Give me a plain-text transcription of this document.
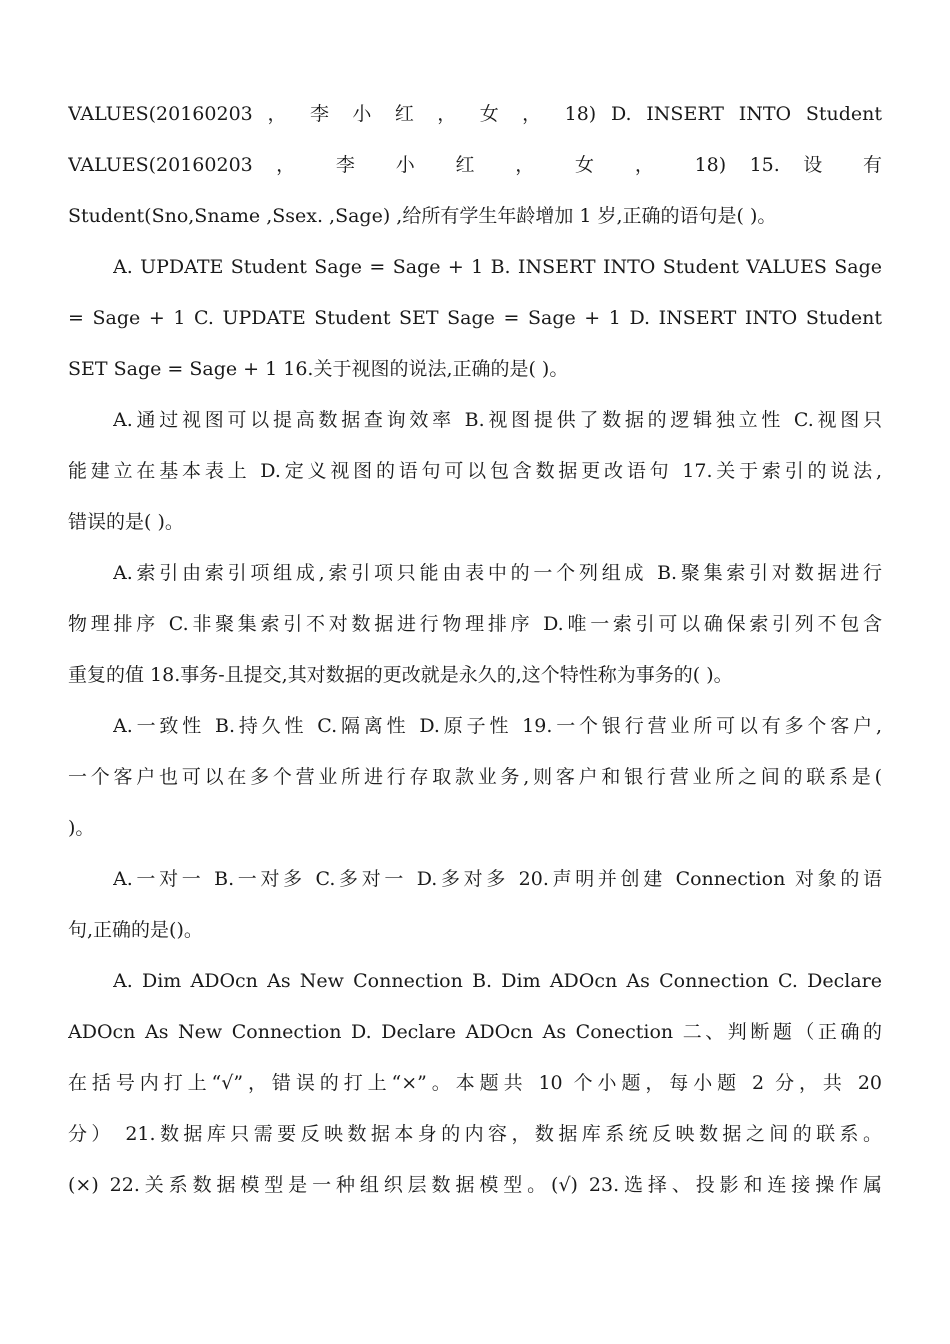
VALUES(20160203 ， 李 小 红 ， 女 ， 18) D. INSERT INTO Student
VALUES(20160203 ， 李 小 红 ， 女 ， 18) 15. 设 有
Student(Sno,Sname ,Ssex. ,Sage) ,给所有学生年龄增加 1 岁,正确的语句是( )。
A. UPDATE Student Sage = Sage + 1 B. INSERT INTO Student VALUES Sage
= Sage + 1 C. UPDATE Student SET Sage = Sage + 1 D. INSERT INTO Student
SET Sage = Sage + 1 16.关于视图的说法,正确的是( )。
A.通过视图可以提高数据查询效率 B.视图提供了数据的逻辑独立性 C.视图只
能建立在基本表上 D.定义视图的语句可以包含数据更改语句 17.关于索引的说法,
错误的是( )。
A.索引由索引项组成,索引项只能由表中的一个列组成 B.聚集索引对数据进行
物理排序 C.非聚集索引不对数据进行物理排序 D.唯一索引可以确保索引列不包含
重复的值 18.事务-且提交,其对数据的更改就是永久的,这个特性称为事务的( )。
A.一致性 B.持久性 C.隔离性 D.原子性 19.一个银行营业所可以有多个客户,
一个客户也可以在多个营业所进行存取款业务,则客户和银行营业所之间的联系是(
)。
A.一对一 B.一对多 C.多对一 D.多对多 20.声明并创建 Connection 对象的语
句,正确的是()。
A. Dim ADOcn As New Connection B. Dim ADOcn As Connection C. Declare
ADOcn As New Connection D. Declare ADOcn As Conection 二、判断题（正确的
在括号内打上“√”，错误的打上“×”。本题共 10 个小题，每小题 2 分，共 20
分） 21.数据库只需要反映数据本身的内容，数据库系统反映数据之间的联系。
(×) 22.关系数据模型是一种组织层数据模型。(√) 23.选择、投影和连接操作属
